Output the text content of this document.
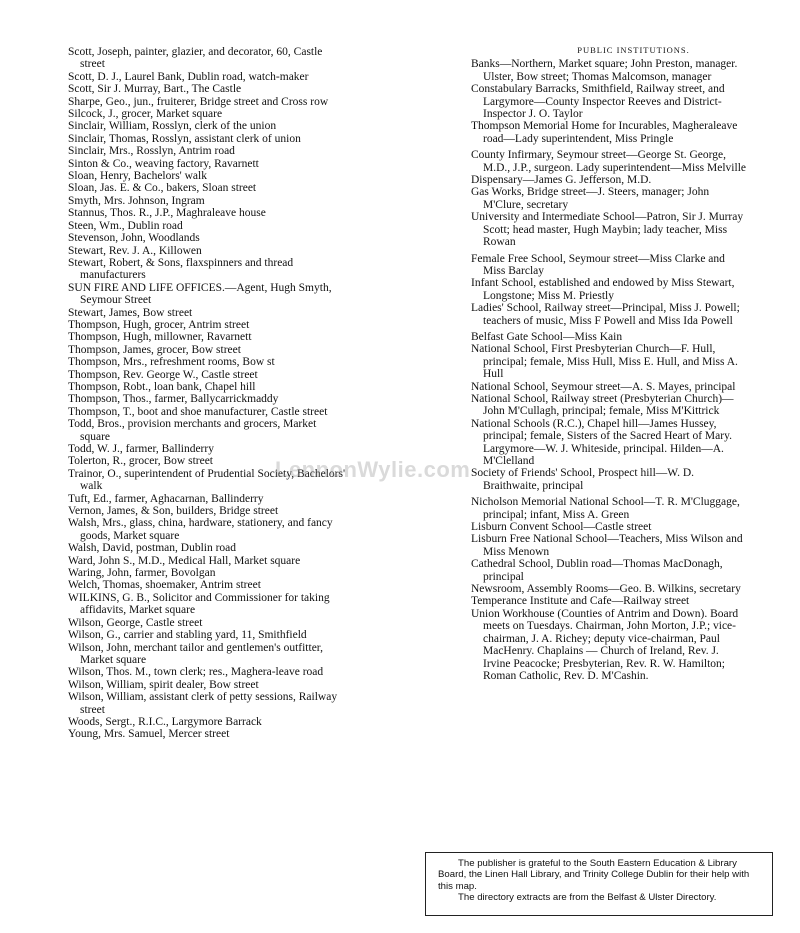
Scott, Joseph, painter, glazier, and decorator, 60, Castle street

Scott, D. J., Laurel Bank, Dublin road, watch-maker

Scott, Sir J. Murray, Bart., The Castle

Sharpe, Geo., jun., fruiterer, Bridge street and Cross row

Silcock, J., grocer, Market square

Sinclair, William, Rosslyn, clerk of the union

Sinclair, Thomas, Rosslyn, assistant clerk of union

Sinclair, Mrs., Rosslyn, Antrim road

Sinton & Co., weaving factory, Ravarnett

Sloan, Henry, Bachelors' walk

Sloan, Jas. E. & Co., bakers, Sloan street

Smyth, Mrs. Johnson, Ingram

Stannus, Thos. R., J.P., Maghraleave house

Steen, Wm., Dublin road

Stevenson, John, Woodlands

Stewart, Rev. J. A., Killowen

Stewart, Robert, & Sons, flaxspinners and thread manufacturers

SUN FIRE AND LIFE OFFICES.—Agent, Hugh Smyth, Seymour Street

Stewart, James, Bow street

Thompson, Hugh, grocer, Antrim street

Thompson, Hugh, millowner, Ravarnett

Thompson, James, grocer, Bow street

Thompson, Mrs., refreshment rooms, Bow st

Thompson, Rev. George W., Castle street

Thompson, Robt., loan bank, Chapel hill

Thompson, Thos., farmer, Ballycarrickmaddy

Thompson, T., boot and shoe manufacturer, Castle street

Todd, Bros., provision merchants and grocers, Market square

Todd, W. J., farmer, Ballinderry

Tolerton, R., grocer, Bow street

Trainor, O., superintendent of Prudential Society, Bachelors' walk

Tuft, Ed., farmer, Aghacarnan, Ballinderry

Vernon, James, & Son, builders, Bridge street

Walsh, Mrs., glass, china, hardware, stationery, and fancy goods, Market square

Walsh, David, postman, Dublin road

Ward, John S., M.D., Medical Hall, Market square

Waring, John, farmer, Bovolgan

Welch, Thomas, shoemaker, Antrim street

WILKINS, G. B., Solicitor and Commissioner for taking affidavits, Market square

Wilson, George, Castle street

Wilson, G., carrier and stabling yard, 11, Smithfield

Wilson, John, merchant tailor and gentlemen's outfitter, Market square

Wilson, Thos. M., town clerk; res., Maghera-leave road

Wilson, William, spirit dealer, Bow street

Wilson, William, assistant clerk of petty sessions, Railway street

Woods, Sergt., R.I.C., Largymore Barrack

Young, Mrs. Samuel, Mercer street

PUBLIC INSTITUTIONS.

Banks—Northern, Market square; John Preston, manager. Ulster, Bow street; Thomas Malcomson, manager

Constabulary Barracks, Smithfield, Railway street, and Largymore—County Inspector Reeves and District-Inspector J. O. Taylor

Thompson Memorial Home for Incurables, Magheraleave road—Lady superintendent, Miss Pringle

County Infirmary, Seymour street—George St. George, M.D., J.P., surgeon. Lady superintendent—Miss Melville

Dispensary—James G. Jefferson, M.D.

Gas Works, Bridge street—J. Steers, manager; John M'Clure, secretary

University and Intermediate School—Patron, Sir J. Murray Scott; head master, Hugh Maybin; lady teacher, Miss Rowan

Female Free School, Seymour street—Miss Clarke and Miss Barclay

Infant School, established and endowed by Miss Stewart, Longstone; Miss M. Priestly

Ladies' School, Railway street—Principal, Miss J. Powell; teachers of music, Miss F Powell and Miss Ida Powell

Belfast Gate School—Miss Kain

National School, First Presbyterian Church—F. Hull, principal; female, Miss Hull, Miss E. Hull, and Miss A. Hull

National School, Seymour street—A. S. Mayes, principal

National School, Railway street (Presbyterian Church)—John M'Cullagh, principal; female, Miss M'Kittrick

National Schools (R.C.), Chapel hill—James Hussey, principal; female, Sisters of the Sacred Heart of Mary. Largymore—W. J. Whiteside, principal. Hilden—A. M'Clelland

Society of Friends' School, Prospect hill—W. D. Braithwaite, principal

Nicholson Memorial National School—T. R. M'Cluggage, principal; infant, Miss A. Green

Lisburn Convent School—Castle street

Lisburn Free National School—Teachers, Miss Wilson and Miss Menown

Cathedral School, Dublin road—Thomas MacDonagh, principal

Newsroom, Assembly Rooms—Geo. B. Wilkins, secretary

Temperance Institute and Cafe—Railway street

Union Workhouse (Counties of Antrim and Down). Board meets on Tuesdays. Chairman, John Morton, J.P.; vice-chairman, J. A. Richey; deputy vice-chairman, Paul MacHenry. Chaplains — Church of Ireland, Rev. J. Irvine Peacocke; Presbyterian, Rev. R. W. Hamilton; Roman Catholic, Rev. D. M'Cashin.

LennonWylie.com

The publisher is grateful to the South Eastern Education & Library Board, the Linen Hall Library, and Trinity College Dublin for their help with this map.

The directory extracts are from the Belfast & Ulster Directory.
